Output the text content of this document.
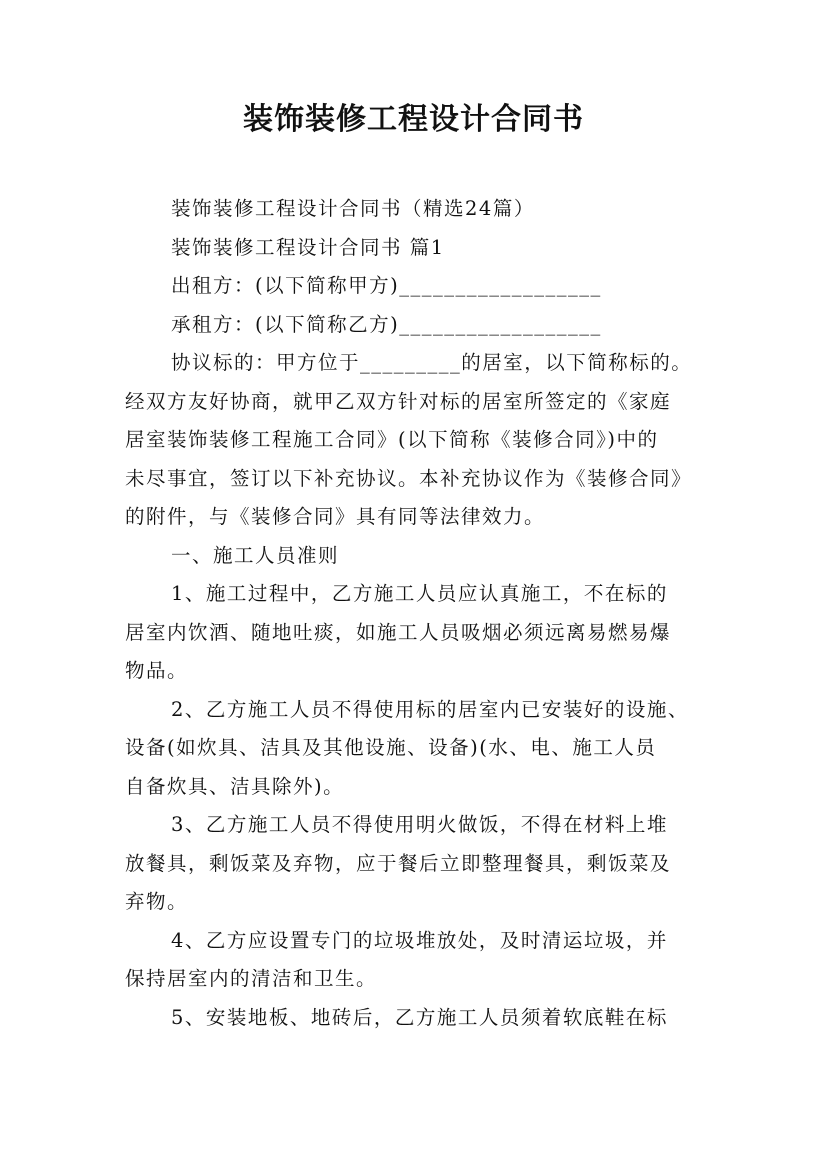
装饰装修工程设计合同书
装饰装修工程设计合同书（精选24篇）
装饰装修工程设计合同书 篇1
出租方：(以下简称甲方)__________________
承租方：(以下简称乙方)__________________
协议标的：甲方位于_________的居室，以下简称标的。
经双方友好协商，就甲乙双方针对标的居室所签定的《家庭
居室装饰装修工程施工合同》(以下简称《装修合同》)中的
未尽事宜，签订以下补充协议。本补充协议作为《装修合同》
的附件，与《装修合同》具有同等法律效力。
一、施工人员准则
1、施工过程中，乙方施工人员应认真施工，不在标的
居室内饮酒、随地吐痰，如施工人员吸烟必须远离易燃易爆
物品。
2、乙方施工人员不得使用标的居室内已安装好的设施、
设备(如炊具、洁具及其他设施、设备)(水、电、施工人员
自备炊具、洁具除外)。
3、乙方施工人员不得使用明火做饭，不得在材料上堆
放餐具，剩饭菜及弃物，应于餐后立即整理餐具，剩饭菜及
弃物。
4、乙方应设置专门的垃圾堆放处，及时清运垃圾，并
保持居室内的清洁和卫生。
5、安装地板、地砖后，乙方施工人员须着软底鞋在标
